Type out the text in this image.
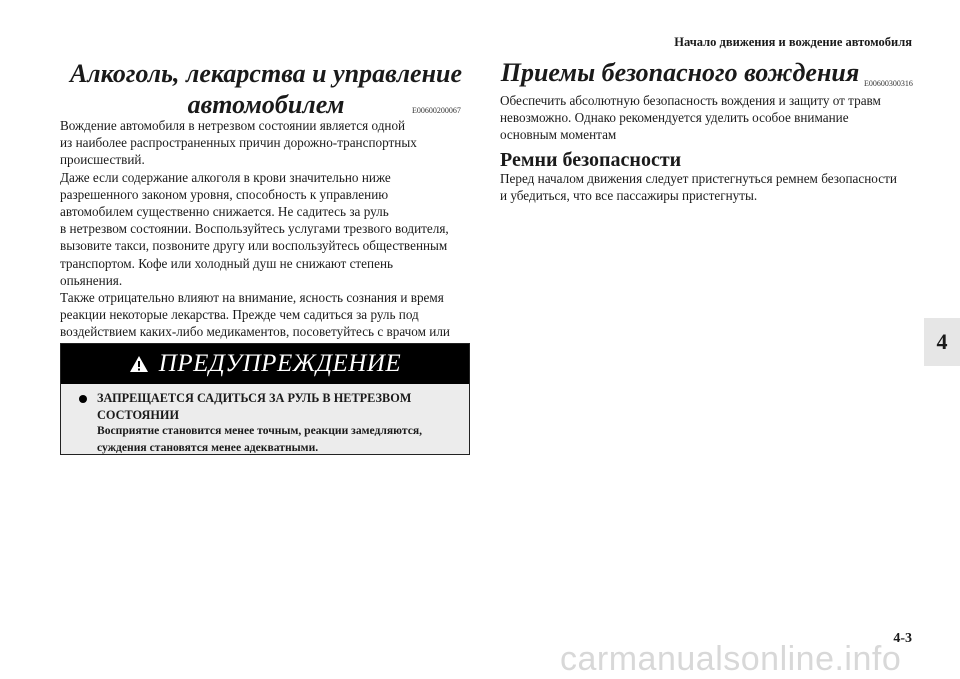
Начало движения и вождение автомобиля
Алкоголь, лекарства и управление
автомобилем	E00600200067

Вождение автомобиля в нетрезвом состоянии является одной

из наиболее распространенных причин дорожно-транспортных

происшествий.

Даже если содержание алкоголя в крови значительно ниже

разрешенного законом уровня, способность к управлению

автомобилем существенно снижается. Не садитесь за руль

в нетрезвом состоянии. Воспользуйтесь услугами трезвого водителя,

вызовите такси, позвоните другу или воспользуйтесь общественным

транспортом. Кофе или холодный душ не снижают степень

опьянения.

Также отрицательно влияют на внимание, ясность сознания и время

реакции некоторые лекарства. Прежде чем садиться за руль под

воздействием каких-либо медикаментов, посоветуйтесь с врачом или

ПРЕДУПРЕЖДЕНИЕ
ЗАПРЕЩАЕТСЯ САДИТЬСЯ ЗА РУЛЬ В НЕТРЕЗВОМ
СОСТОЯНИИ
Восприятие становится менее точным, реакции замедляются,
суждения становятся менее адекватными.
Приемы безопасного вождения E00600300316

Обеспечить абсолютную безопасность вождения и защиту от травм

невозможно. Однако рекомендуется уделить особое внимание

основным моментам

Ремни безопасности

Перед началом движения следует пристегнуться ремнем безопасности

и убедиться, что все пассажиры пристегнуты.

4
4-3
carmanualsonline.info
